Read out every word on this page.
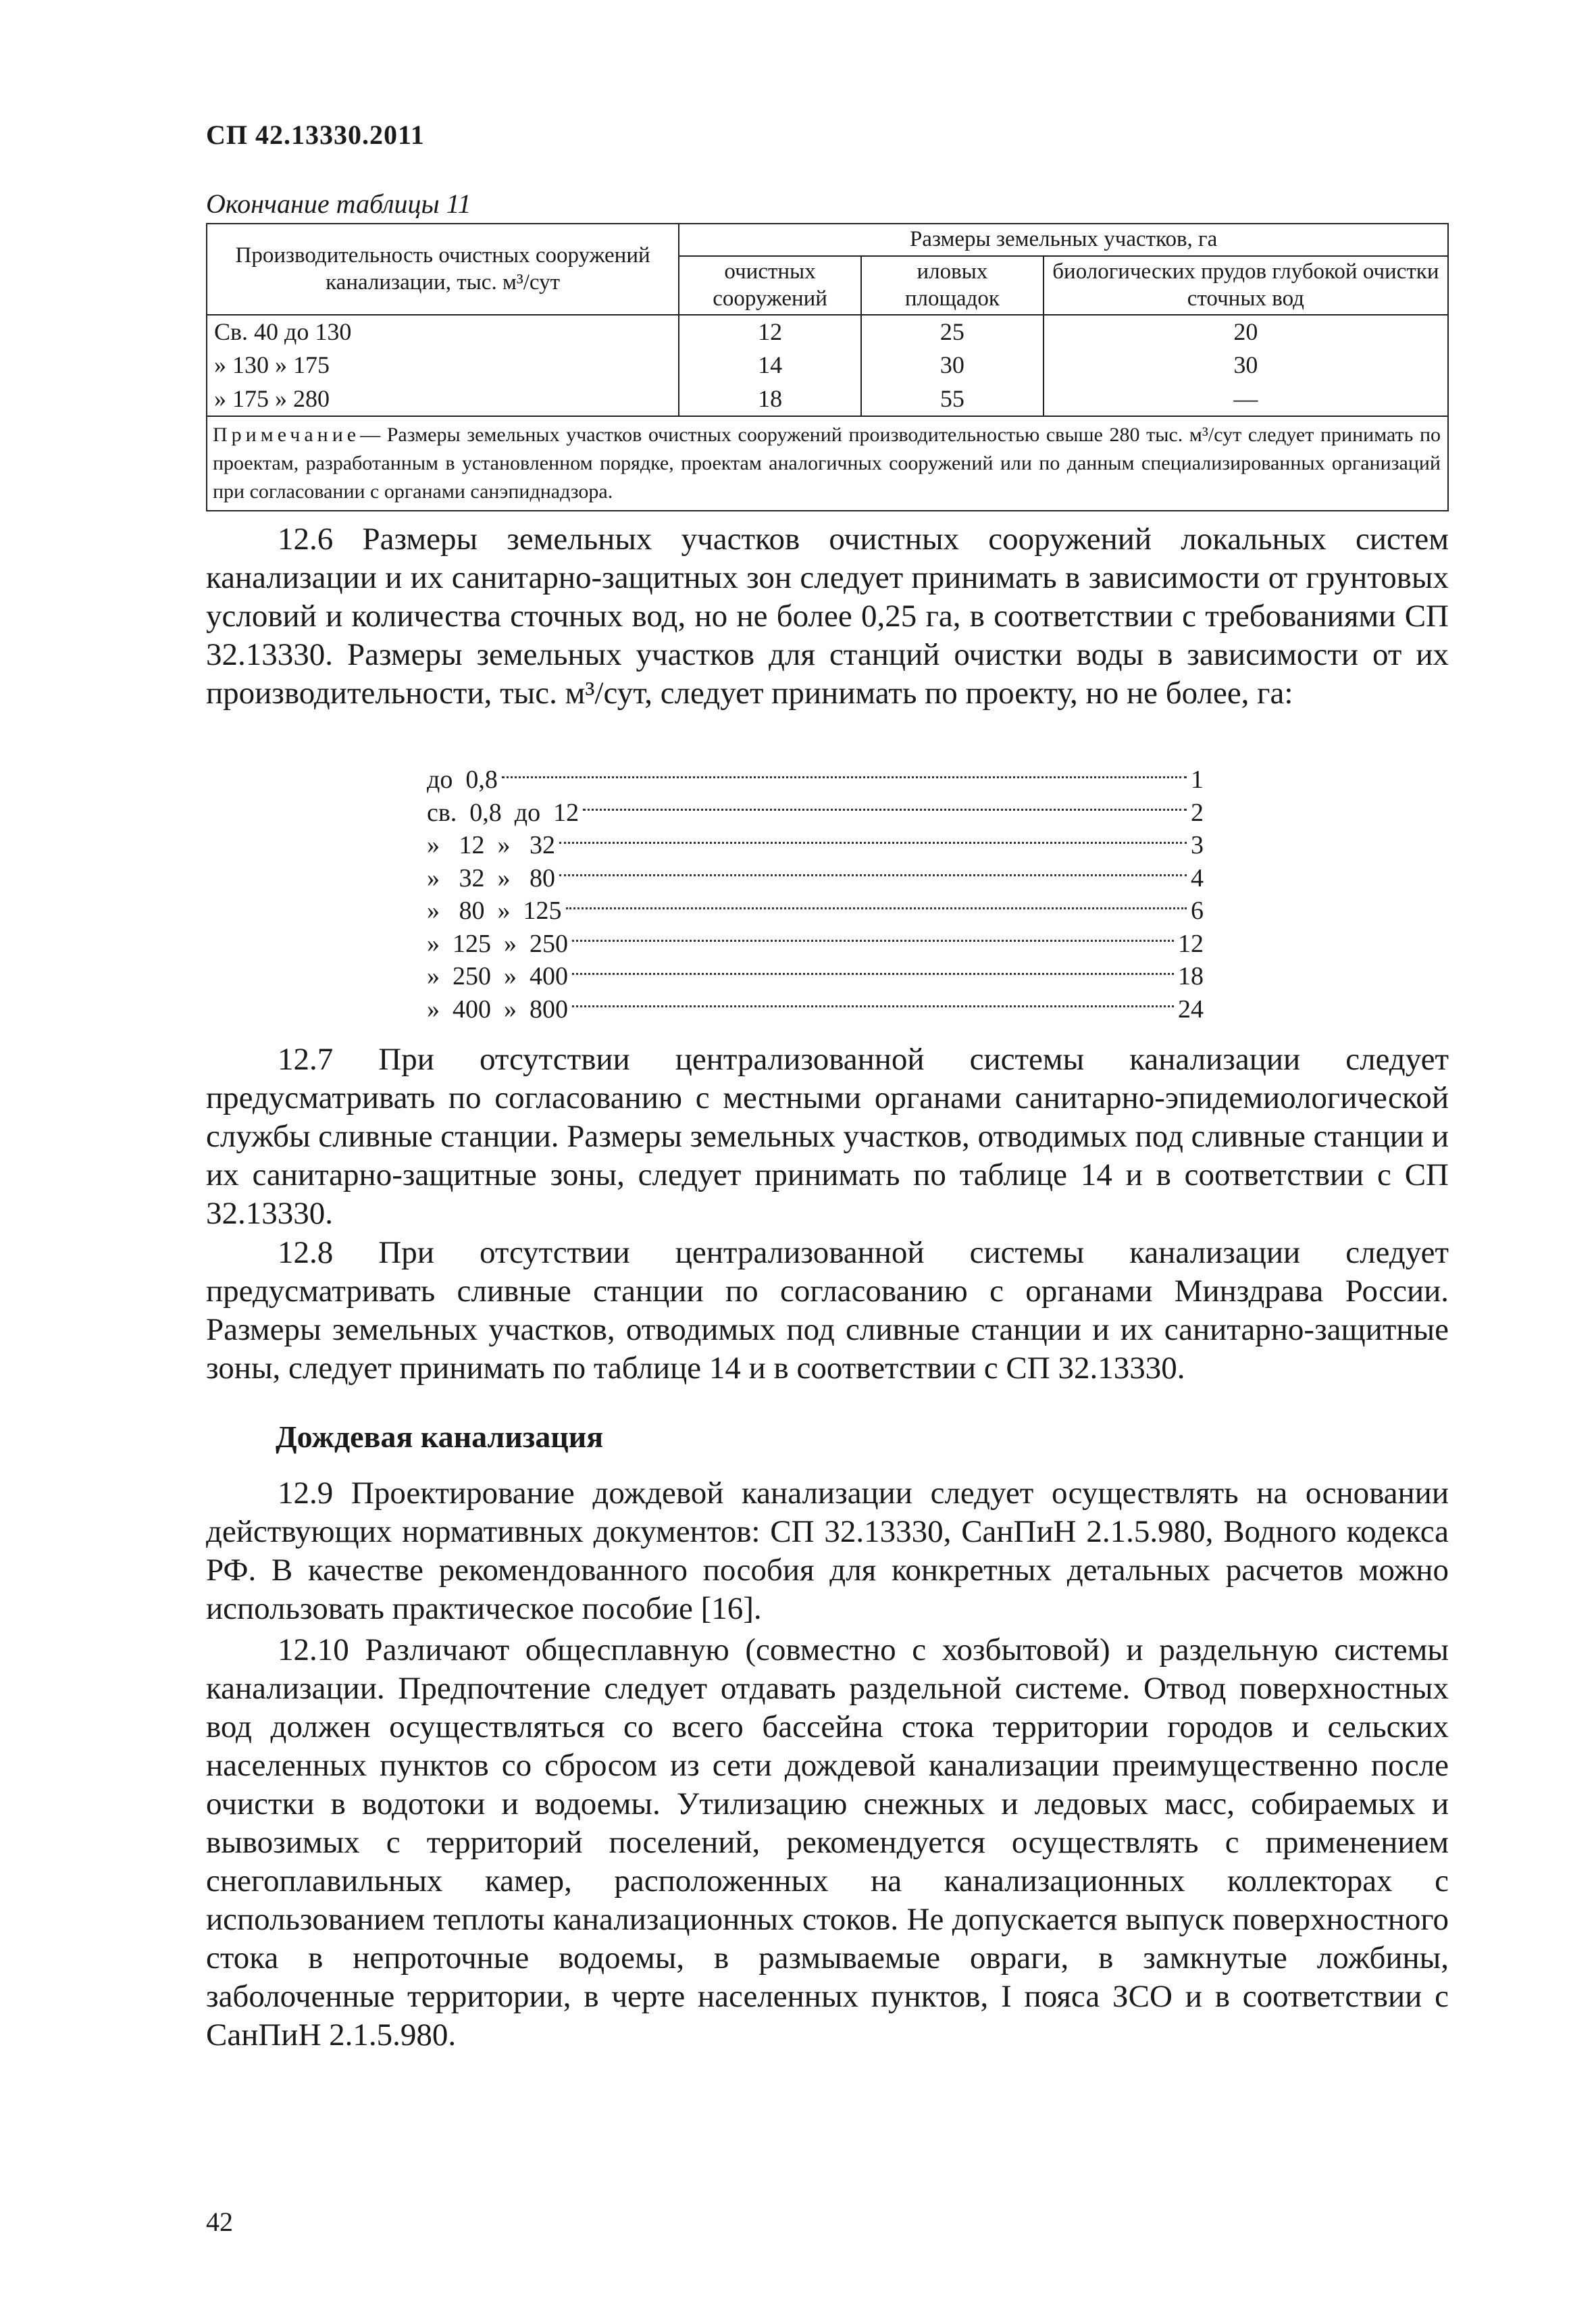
СП 42.13330.2011
Окончание таблицы 11
Производительность очистных сооружений канализации, тыс. м³/сут	Размеры земельных участков, га		
	очистных сооружений	иловых площадок	биологических прудов глубокой очистки сточных вод
Св. 40 до 130	12	25	20
» 130 » 175	14	30	30
» 175 » 280	18	55	—
Примечание— Размеры земельных участков очистных сооружений производительностью свыше 280 тыс. м³/сут следует принимать по проектам, разработанным в установленном порядке, проектам аналогичных сооружений или по данным специализированных организаций при согласовании с органами санэпиднадзора.			

12.6 Размеры земельных участков очистных сооружений локальных систем канализации и их санитарно-защитных зон следует принимать в зависимости от грунтовых условий и количества сточных вод, но не более 0,25 га, в соответствии с требованиями СП 32.13330. Размеры земельных участков для станций очистки воды в зависимости от их производительности, тыс. м³/сут, следует принимать по проекту, но не более, га:

до  0,8	1
св.  0,8  до  12	2
»   12  »   32	3
»   32  »   80	4
»   80  »  125	6
»  125  »  250	12
»  250  »  400	18
»  400  »  800	24

12.7 При отсутствии централизованной системы канализации следует предусматривать по согласованию с местными органами санитарно-эпидемиологической службы сливные станции. Размеры земельных участков, отводимых под сливные станции и их санитарно-защитные зоны, следует принимать по таблице 14 и в соответствии с СП 32.13330.

12.8 При отсутствии централизованной системы канализации следует предусматривать сливные станции по согласованию с органами Минздрава России. Размеры земельных участков, отводимых под сливные станции и их санитарно-защитные зоны, следует принимать по таблице 14 и в соответствии с СП 32.13330.

Дождевая канализация

12.9 Проектирование дождевой канализации следует осуществлять на основании действующих нормативных документов: СП 32.13330, СанПиН 2.1.5.980, Водного кодекса РФ. В качестве рекомендованного пособия для конкретных детальных расчетов можно использовать практическое пособие [16].

12.10 Различают общесплавную (совместно с хозбытовой) и раздельную системы канализации. Предпочтение следует отдавать раздельной системе. Отвод поверхностных вод должен осуществляться со всего бассейна стока территории городов и сельских населенных пунктов со сбросом из сети дождевой канализации преимущественно после очистки в водотоки и водоемы. Утилизацию снежных и ледовых масс, собираемых и вывозимых с территорий поселений, рекомендуется осуществлять с применением снегоплавильных камер, расположенных на канализационных коллекторах с использованием теплоты канализационных стоков. Не допускается выпуск поверхностного стока в непроточные водоемы, в размываемые овраги, в замкнутые ложбины, заболоченные территории, в черте населенных пунктов, I пояса ЗСО и в соответствии с СанПиН 2.1.5.980.

42
